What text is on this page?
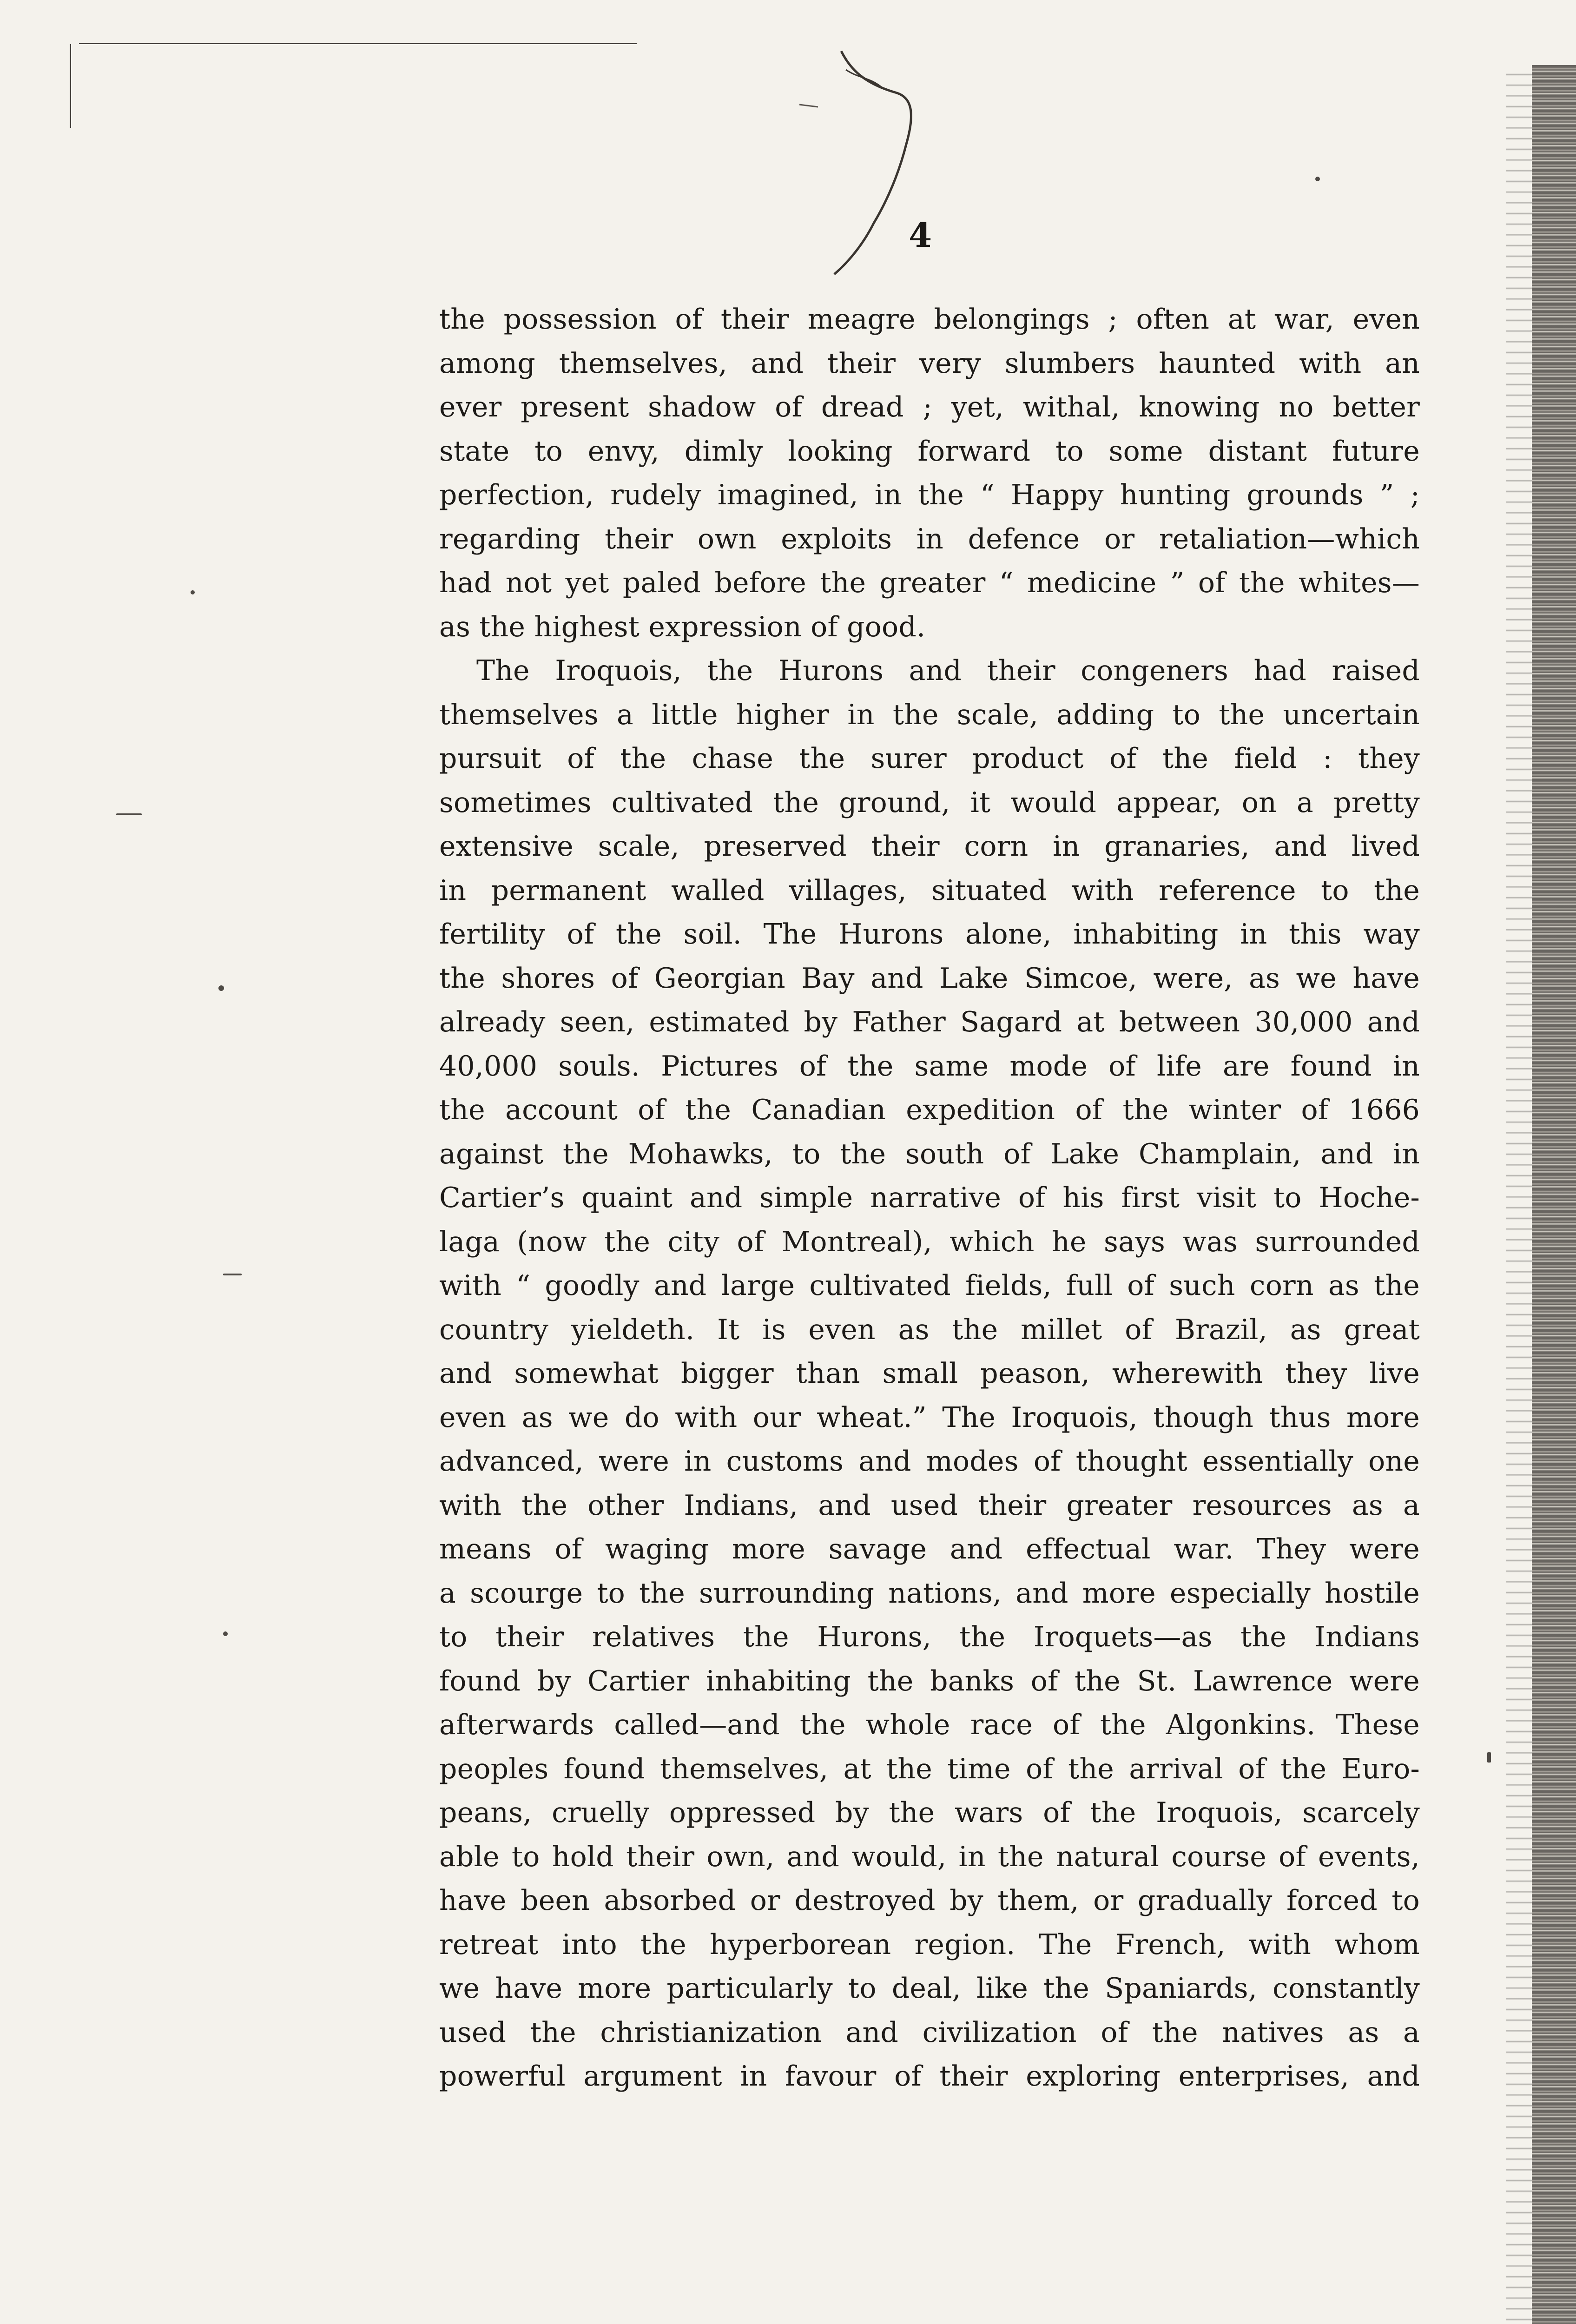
4

the possession of their meagre belongings ; often at war, even

among themselves, and their very slumbers haunted with an

ever present shadow of dread ; yet, withal, knowing no better

state to envy, dimly looking forward to some distant future

perfection, rudely imagined, in the “ Happy hunting grounds ” ;

regarding their own exploits in defence or retaliation—which

had not yet paled before the greater “ medicine ” of the whites—

as the highest expression of good.

The Iroquois, the Hurons and their congeners had raised

themselves a little higher in the scale, adding to the uncertain

pursuit of the chase the surer product of the field : they

sometimes cultivated the ground, it would appear, on a pretty

extensive scale, preserved their corn in granaries, and lived

in permanent walled villages, situated with reference to the

fertility of the soil. The Hurons alone, inhabiting in this way

the shores of Georgian Bay and Lake Simcoe, were, as we have

already seen, estimated by Father Sagard at between 30,000 and

40,000 souls. Pictures of the same mode of life are found in

the account of the Canadian expedition of the winter of 1666

against the Mohawks, to the south of Lake Champlain, and in

Cartier’s quaint and simple narrative of his first visit to Hoche-

laga (now the city of Montreal), which he says was surrounded

with “ goodly and large cultivated fields, full of such corn as the

country yieldeth. It is even as the millet of Brazil, as great

and somewhat bigger than small peason, wherewith they live

even as we do with our wheat.” The Iroquois, though thus more

advanced, were in customs and modes of thought essentially one

with the other Indians, and used their greater resources as a

means of waging more savage and effectual war. They were

a scourge to the surrounding nations, and more especially hostile

to their relatives the Hurons, the Iroquets—as the Indians

found by Cartier inhabiting the banks of the St. Lawrence were

afterwards called—and the whole race of the Algonkins. These

peoples found themselves, at the time of the arrival of the Euro-

peans, cruelly oppressed by the wars of the Iroquois, scarcely

able to hold their own, and would, in the natural course of events,

have been absorbed or destroyed by them, or gradually forced to

retreat into the hyperborean region. The French, with whom

we have more particularly to deal, like the Spaniards, constantly

used the christianization and civilization of the natives as a

powerful argument in favour of their exploring enterprises, and
